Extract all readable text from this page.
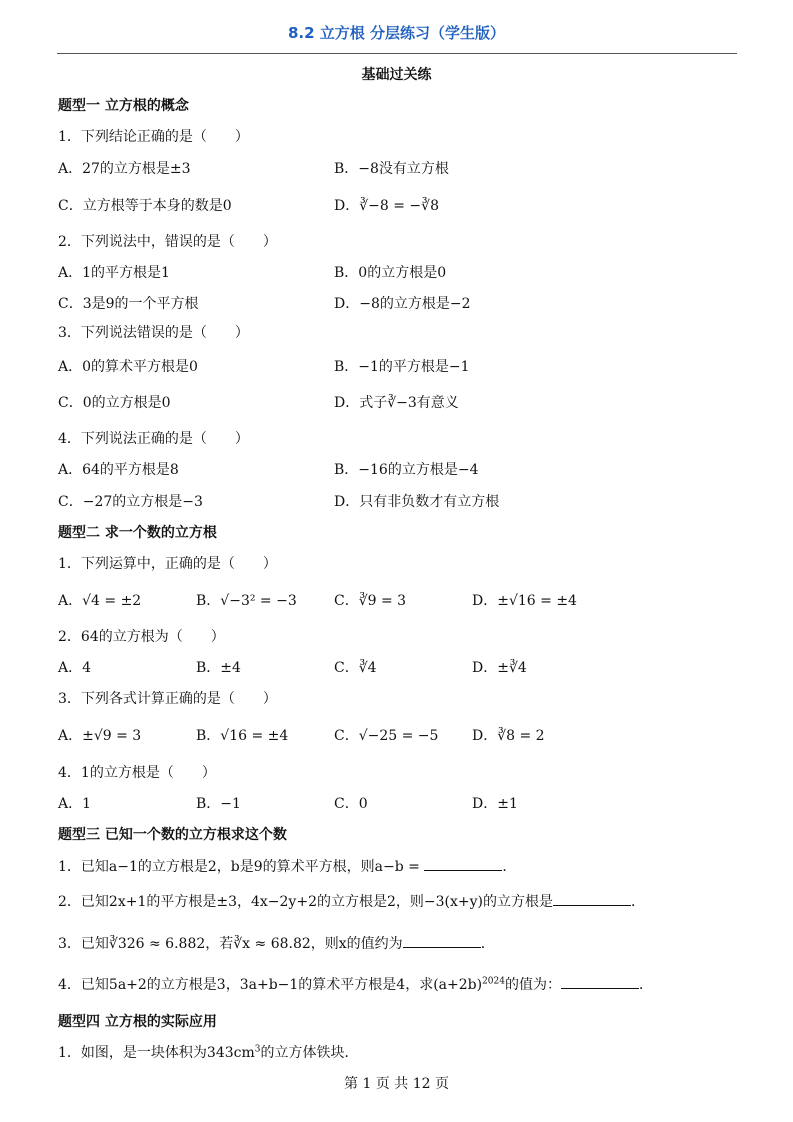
8.2 立方根 分层练习（学生版）
基础过关练
题型一 立方根的概念
1．下列结论正确的是（　　）
A．27的立方根是±3	B．−8没有立方根
C．立方根等于本身的数是0	D．∛−8 = −∛8
2．下列说法中，错误的是（　　）
A．1的平方根是1	B．0的立方根是0
C．3是9的一个平方根	D．−8的立方根是−2
3．下列说法错误的是（　　）
A．0的算术平方根是0	B．−1的平方根是−1
C．0的立方根是0	D．式子∛−3有意义
4．下列说法正确的是（　　）
A．64的平方根是8	B．−16的立方根是−4
C．−27的立方根是−3	D．只有非负数才有立方根
题型二 求一个数的立方根
1．下列运算中，正确的是（　　）
A．√4 = ±2	B．√−3² = −3	C．∛9 = 3	D．±√16 = ±4
2．64的立方根为（　　）
A．4	B．±4	C．∛4	D．±∛4
3．下列各式计算正确的是（　　）
A．±√9 = 3	B．√16 = ±4	C．√−25 = −5 D．∛8 = 2
4．1的立方根是（　　）
A．1	B．−1	C．0	D．±1
题型三 已知一个数的立方根求这个数
1．已知a−1的立方根是2，b是9的算术平方根，则a−b =	．
2．已知2x+1的平方根是±3，4x−2y+2的立方根是2，则−3(x+y)的立方根是	．
3．已知∛326 ≈ 6.882，若∛x ≈ 68.82，则x的值约为	．
4．已知5a+2的立方根是3，3a+b−1的算术平方根是4，求$(a+2b)^{2024}$的值为：	．
题型四 立方根的实际应用
1．如图，是一块体积为$343cm^3$的立方体铁块．
第 1 页 共 12 页
